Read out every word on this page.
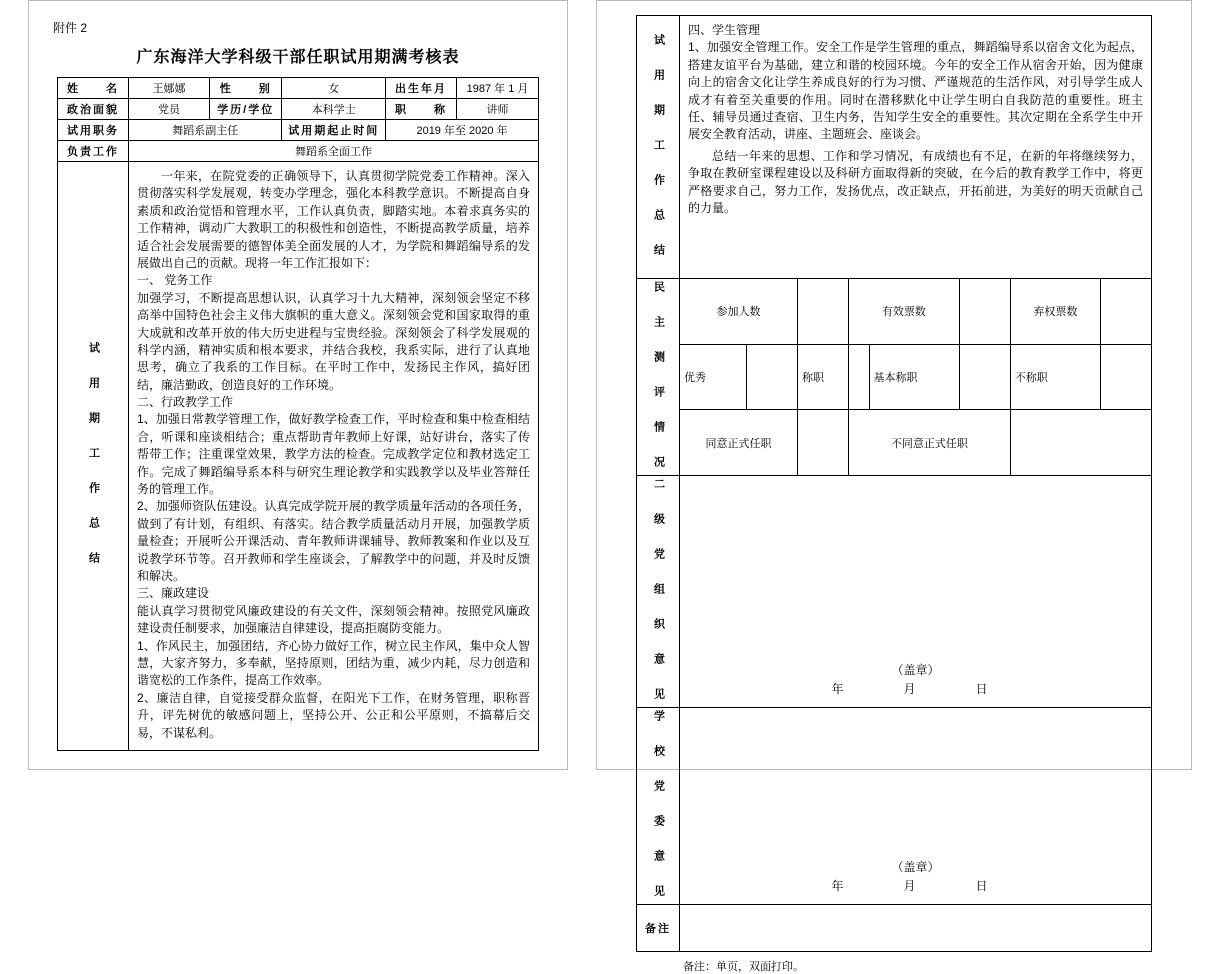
附件 2
广东海洋大学科级干部任职试用期满考核表
姓　　名	王娜娜	性　　别	女	出生年月	1987 年 1 月
政治面貌	党员	学历/学位	本科学士	职　　称	讲师
试用职务	舞蹈系副主任		试用期起止时间	2019 年至 2020 年	
负责工作	舞蹈系全面工作				

试 用 期 工 作 总 结

一年来，在院党委的正确领导下，认真贯彻学院党委工作精神。深入贯彻落实科学发展观，转变办学理念，强化本科教学意识。不断提高自身素质和政治觉悟和管理水平，工作认真负责，脚踏实地。本着求真务实的工作精神，调动广大教职工的积极性和创造性，不断提高教学质量，培养适合社会发展需要的德智体美全面发展的人才，为学院和舞蹈编导系的发展做出自己的贡献。现将一年工作汇报如下：

一、 党务工作

加强学习，不断提高思想认识，认真学习十九大精神，深刻领会坚定不移高举中国特色社会主义伟大旗帜的重大意义。深刻领会党和国家取得的重大成就和改革开放的伟大历史进程与宝贵经验。深刻领会了科学发展观的科学内涵，精神实质和根本要求，并结合我校，我系实际，进行了认真地思考，确立了我系的工作目标。在平时工作中，发扬民主作风，搞好团结，廉洁勤政，创造良好的工作环境。

二、行政教学工作

1、加强日常教学管理工作，做好教学检查工作，平时检查和集中检查相结合，听课和座谈相结合；重点帮助青年教师上好课，站好讲台，落实了传帮带工作；注重课堂效果，教学方法的检查。完成教学定位和教材选定工作。完成了舞蹈编导系本科与研究生理论教学和实践教学以及毕业答辩任务的管理工作。

2、加强师资队伍建设。认真完成学院开展的教学质量年活动的各项任务，做到了有计划，有组织、有落实。结合教学质量活动月开展，加强教学质量检查；开展听公开课活动、青年教师讲课辅导、教师教案和作业以及互说教学环节等。召开教师和学生座谈会，了解教学中的问题，并及时反馈和解决。

三、廉政建设

能认真学习贯彻党风廉政建设的有关文件，深刻领会精神。按照党风廉政建设责任制要求，加强廉洁自律建设，提高拒腐防变能力。

1、作风民主，加强团结，齐心协力做好工作，树立民主作风，集中众人智慧，大家齐努力，多奉献，坚持原则，团结为重，减少内耗，尽力创造和谐宽松的工作条件，提高工作效率。

2、廉洁自律，自觉接受群众监督，在阳光下工作，在财务管理，职称晋升，评先树优的敏感问题上，坚持公开、公正和公平原则，不搞幕后交易，不谋私利。

试 用 期 工 作 总 结	四、学生管理

1、加强安全管理工作。安全工作是学生管理的重点，舞蹈编导系以宿舍文化为起点，搭建友谊平台为基础，建立和谐的校园环境。今年的安全工作从宿舍开始，因为健康向上的宿舍文化让学生养成良好的行为习惯、严谨规范的生活作风，对引导学生成人成才有着至关重要的作用。同时在潜移默化中让学生明白自我防范的重要性。班主任、辅导员通过查宿、卫生内务，告知学生安全的重要性。其次定期在全系学生中开展安全教育活动，讲座、主题班会、座谈会。

总结一年来的思想、工作和学习情况，有成绩也有不足，在新的年将继续努力，争取在教研室课程建设以及科研方面取得新的突破，在今后的教育教学工作中，将更严格要求自己，努力工作，发扬优点，改正缺点，开拓前进，为美好的明天贡献自己的力量。							

民 主 测 评 情 况	参加人数			有效票数			弃权票数	
	优秀		称职		基本称职		不称职	
	同意正式任职			不同意正式任职				

二 级 党 组 织 意 见	（盖章）

年　　月　　日							

学 校 党 委 意 见	（盖章）

年　　月　　日							

备注								
备注：单页，双面打印。
